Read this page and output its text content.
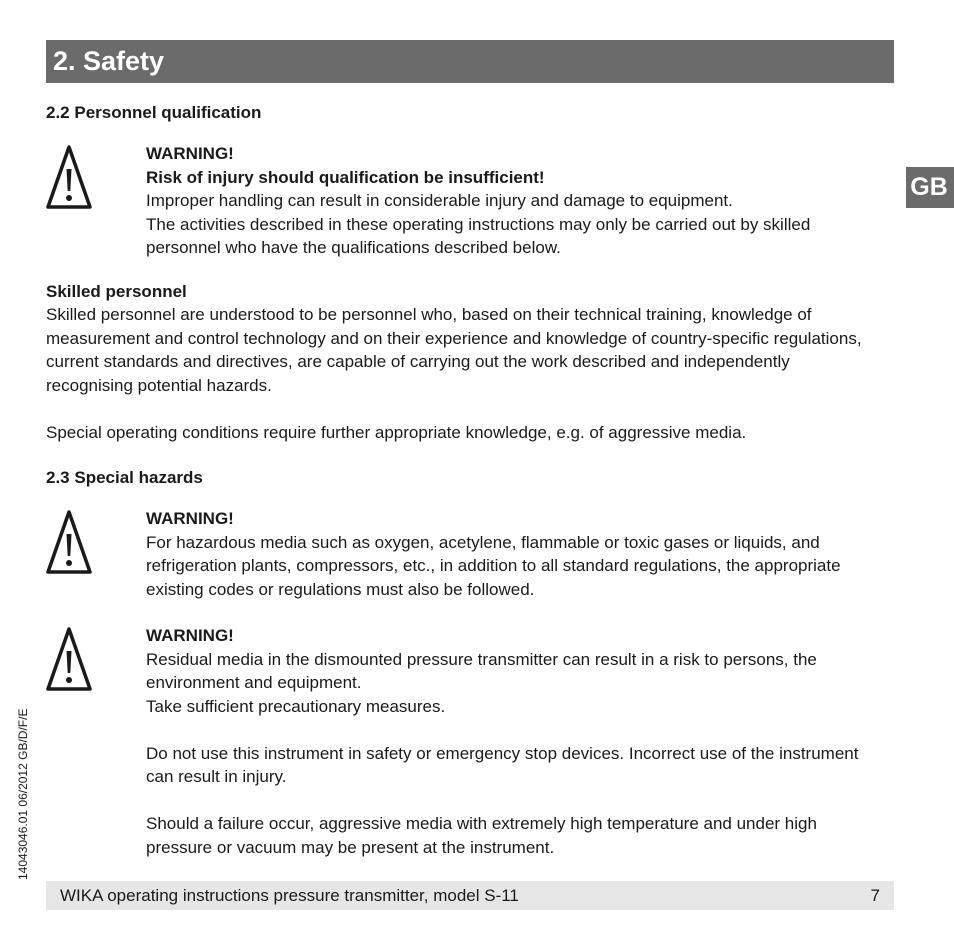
2. Safety
GB
2.2 Personnel qualification

WARNING!

Risk of injury should qualification be insufficient!

Improper handling can result in considerable injury and damage to equipment.

The activities described in these operating instructions may only be carried out by skilled personnel who have the qualifications described below.

Skilled personnel
Skilled personnel are understood to be personnel who, based on their technical training, knowledge of measurement and control technology and on their experience and knowledge of country-specific regulations, current standards and directives, are capable of carrying out the work described and independently recognising potential hazards.
Special operating conditions require further appropriate knowledge, e.g. of aggressive media.
2.3 Special hazards

WARNING!

For hazardous media such as oxygen, acetylene, flammable or toxic gases or liquids, and refrigeration plants, compressors, etc., in addition to all standard regulations, the appropriate existing codes or regulations must also be followed.

WARNING!

Residual media in the dismounted pressure transmitter can result in a risk to persons, the environment and equipment.

Take sufficient precautionary measures.

Do not use this instrument in safety or emergency stop devices. Incorrect use of the instrument can result in injury.

Should a failure occur, aggressive media with extremely high temperature and under high pressure or vacuum may be present at the instrument.

14043046.01 06/2012 GB/D/F/E
WIKA operating instructions pressure transmitter, model S-11	7
